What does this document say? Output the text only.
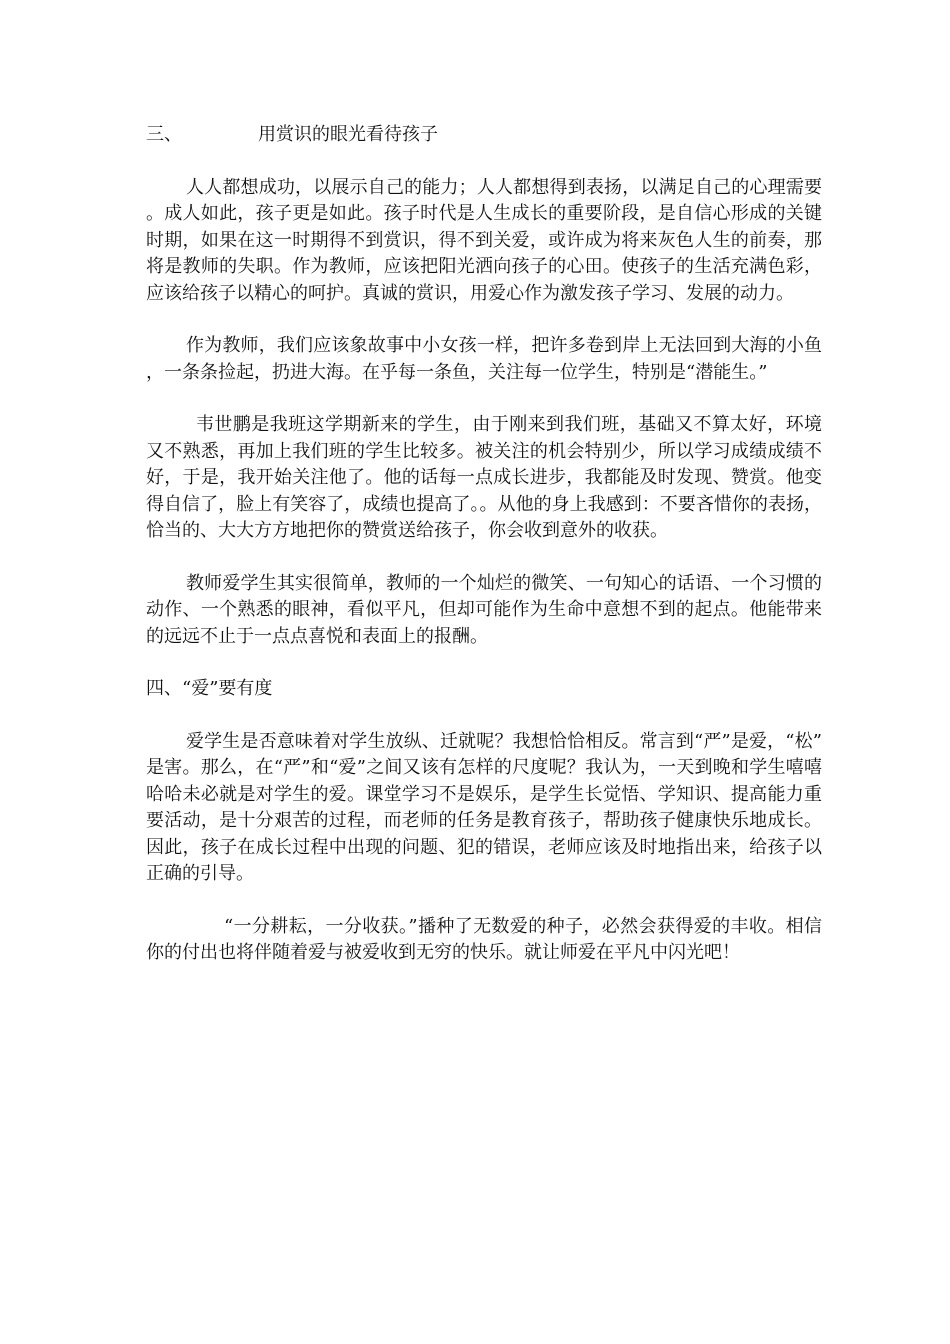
三、	用赏识的眼光看待孩子

人人都想成功，以展示自己的能力；人人都想得到表扬，以满足自己的心理需要。成人如此，孩子更是如此。孩子时代是人生成长的重要阶段，是自信心形成的关键时期，如果在这一时期得不到赏识，得不到关爱，或许成为将来灰色人生的前奏，那将是教师的失职。作为教师，应该把阳光洒向孩子的心田。使孩子的生活充满色彩，应该给孩子以精心的呵护。真诚的赏识，用爱心作为激发孩子学习、发展的动力。

作为教师，我们应该象故事中小女孩一样，把许多卷到岸上无法回到大海的小鱼，一条条捡起，扔进大海。在乎每一条鱼，关注每一位学生，特别是“潜能生。”

韦世鹏是我班这学期新来的学生，由于刚来到我们班，基础又不算太好，环境又不熟悉，再加上我们班的学生比较多。被关注的机会特别少，所以学习成绩成绩不好，于是，我开始关注他了。他的话每一点成长进步，我都能及时发现、赞赏。他变得自信了，脸上有笑容了，成绩也提高了。。从他的身上我感到：不要吝惜你的表扬，恰当的、大大方方地把你的赞赏送给孩子，你会收到意外的收获。

教师爱学生其实很简单，教师的一个灿烂的微笑、一句知心的话语、一个习惯的动作、一个熟悉的眼神，看似平凡，但却可能作为生命中意想不到的起点。他能带来的远远不止于一点点喜悦和表面上的报酬。

四、“爱”要有度

爱学生是否意味着对学生放纵、迁就呢？我想恰恰相反。常言到“严”是爱，“松”是害。那么，在“严”和“爱”之间又该有怎样的尺度呢？我认为，一天到晚和学生嘻嘻哈哈未必就是对学生的爱。课堂学习不是娱乐，是学生长觉悟、学知识、提高能力重要活动，是十分艰苦的过程，而老师的任务是教育孩子，帮助孩子健康快乐地成长。因此，孩子在成长过程中出现的问题、犯的错误，老师应该及时地指出来，给孩子以正确的引导。

“一分耕耘，一分收获。”播种了无数爱的种子，必然会获得爱的丰收。相信你的付出也将伴随着爱与被爱收到无穷的快乐。就让师爱在平凡中闪光吧！
